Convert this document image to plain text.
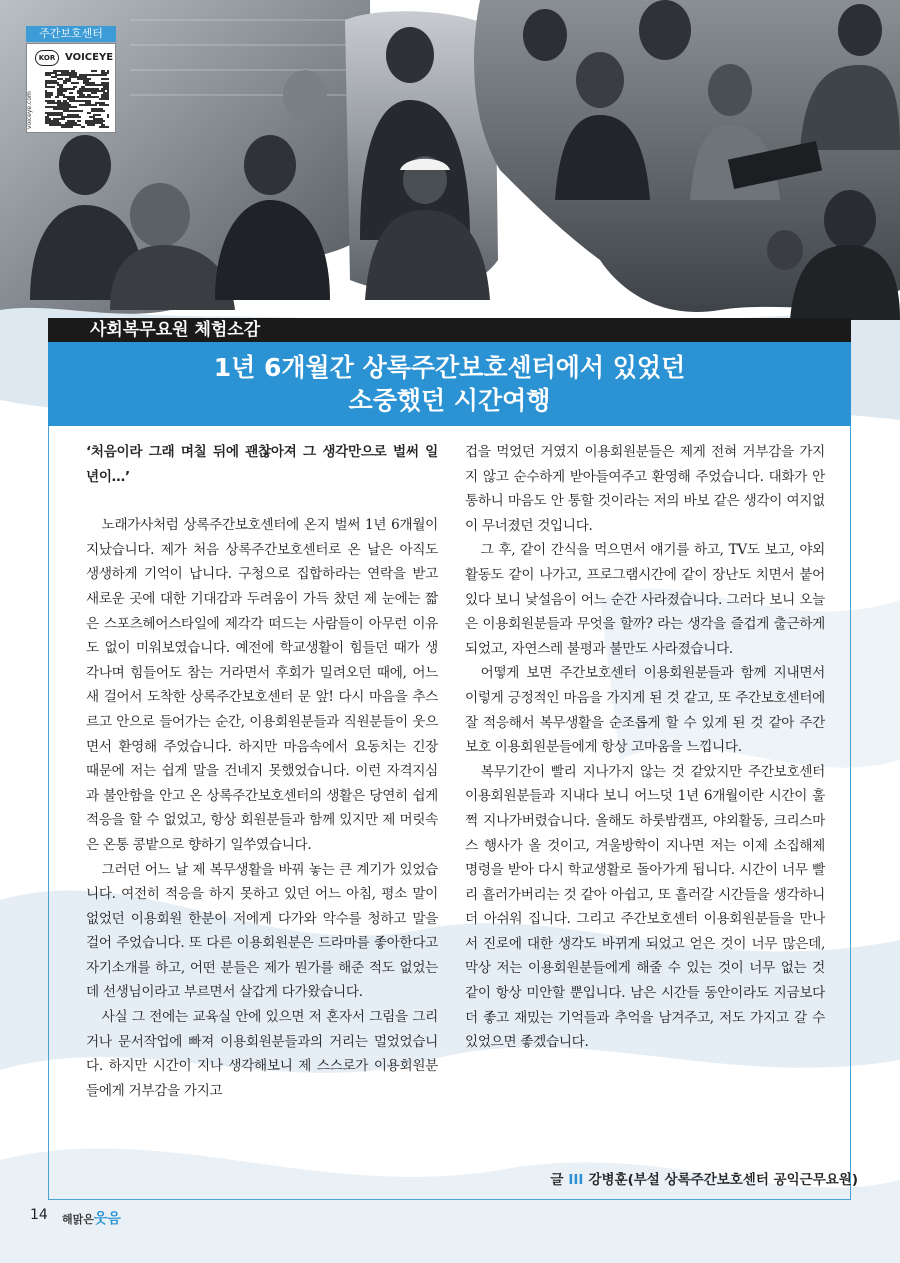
주간보호센터
KOR VOICEYE
voiceye.com
사회복무요원 체험소감
1년 6개월간 상록주간보호센터에서 있었던
소중했던 시간여행

‘처음이라 그래 며칠 뒤에 괜찮아져 그 생각만으로 벌써 일 년이…’

노래가사처럼 상록주간보호센터에 온지 벌써 1년 6개월이 지났습니다. 제가 처음 상록주간보호센터로 온 날은 아직도 생생하게 기억이 납니다. 구청으로 집합하라는 연락을 받고 새로운 곳에 대한 기대감과 두려움이 가득 찼던 제 눈에는 짧은 스포츠헤어스타일에 제각각 떠드는 사람들이 아무런 이유도 없이 미워보였습니다. 예전에 학교생활이 힘들던 때가 생각나며 힘들어도 참는 거라면서 후회가 밀려오던 때에, 어느새 걸어서 도착한 상록주간보호센터 문 앞! 다시 마음을 추스르고 안으로 들어가는 순간, 이용회원분들과 직원분들이 웃으면서 환영해 주었습니다. 하지만 마음속에서 요동치는 긴장 때문에 저는 쉽게 말을 건네지 못했었습니다. 이런 자격지심과 불안함을 안고 온 상록주간보호센터의 생활은 당연히 쉽게 적응을 할 수 없었고, 항상 회원분들과 함께 있지만 제 머릿속은 온통 콩밭으로 향하기 일쑤였습니다.

그러던 어느 날 제 복무생활을 바꿔 놓는 큰 계기가 있었습니다. 여전히 적응을 하지 못하고 있던 어느 아침, 평소 말이 없었던 이용회원 한분이 저에게 다가와 악수를 청하고 말을 걸어 주었습니다. 또 다른 이용회원분은 드라마를 좋아한다고 자기소개를 하고, 어떤 분들은 제가 뭔가를 해준 적도 없었는데 선생님이라고 부르면서 살갑게 다가왔습니다.

사실 그 전에는 교육실 안에 있으면 저 혼자서 그림을 그리거나 문서작업에 빠져 이용회원분들과의 거리는 멀었었습니다. 하지만 시간이 지나 생각해보니 제 스스로가 이용회원분들에게 거부감을 가지고

겁을 먹었던 거였지 이용회원분들은 제게 전혀 거부감을 가지지 않고 순수하게 받아들여주고 환영해 주었습니다. 대화가 안 통하니 마음도 안 통할 것이라는 저의 바보 같은 생각이 여지없이 무너졌던 것입니다.

그 후, 같이 간식을 먹으면서 얘기를 하고, TV도 보고, 야외 활동도 같이 나가고, 프로그램시간에 같이 장난도 치면서 붙어 있다 보니 낯설음이 어느 순간 사라졌습니다. 그러다 보니 오늘은 이용회원분들과 무엇을 할까? 라는 생각을 즐겁게 출근하게 되었고, 자연스레 불평과 불만도 사라졌습니다.

어떻게 보면 주간보호센터 이용회원분들과 함께 지내면서 이렇게 긍정적인 마음을 가지게 된 것 같고, 또 주간보호센터에 잘 적응해서 복무생활을 순조롭게 할 수 있게 된 것 같아 주간보호 이용회원분들에게 항상 고마움을 느낍니다.

복무기간이 빨리 지나가지 않는 것 같았지만 주간보호센터 이용회원분들과 지내다 보니 어느덧 1년 6개월이란 시간이 훌쩍 지나가버렸습니다. 올해도 하룻밤캠프, 야외활동, 크리스마스 행사가 올 것이고, 겨울방학이 지나면 저는 이제 소집해제 명령을 받아 다시 학교생활로 돌아가게 됩니다. 시간이 너무 빨리 흘러가버리는 것 같아 아쉽고, 또 흘러갈 시간들을 생각하니 더 아쉬워 집니다. 그리고 주간보호센터 이용회원분들을 만나서 진로에 대한 생각도 바뀌게 되었고 얻은 것이 너무 많은데, 막상 저는 이용회원분들에게 해줄 수 있는 것이 너무 없는 것 같이 항상 미안할 뿐입니다. 남은 시간들 동안이라도 지금보다 더 좋고 재밌는 기억들과 추억을 남겨주고, 저도 가지고 갈 수 있었으면 좋겠습니다.

글 III 강병훈(부설 상록주간보호센터 공익근무요원)
14 해맑은웃음
